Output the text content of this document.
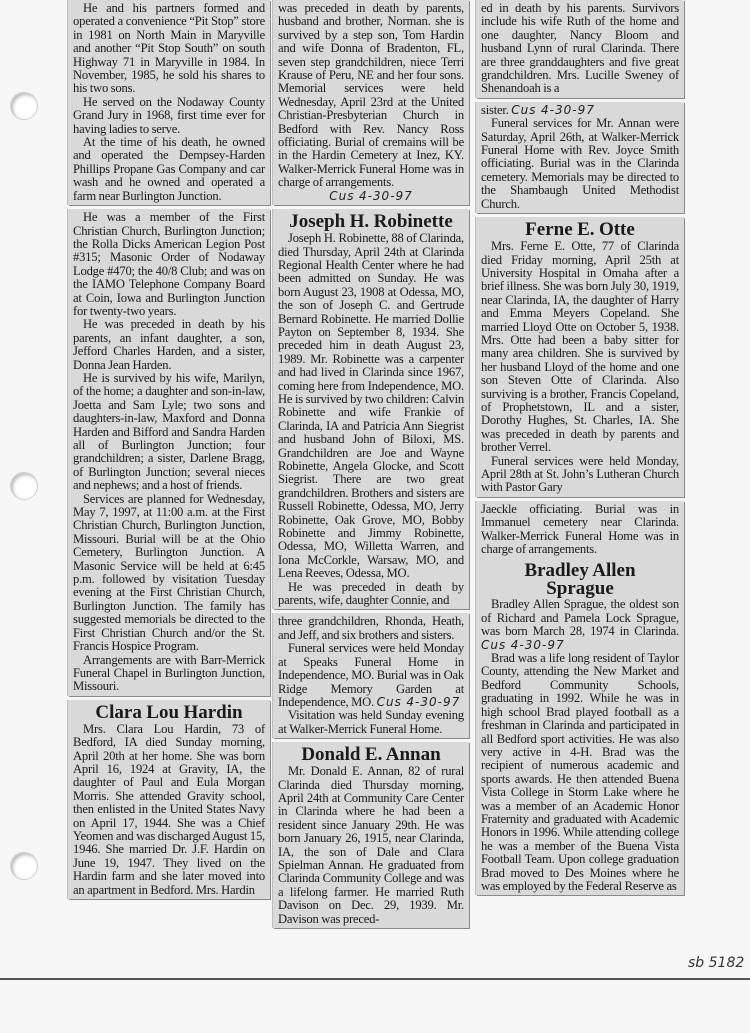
He and his partners formed and operated a convenience “Pit Stop” store in 1981 on North Main in Maryville and another “Pit Stop South” on south Highway 71 in Maryville in 1984. In November, 1985, he sold his shares to his two sons.

He served on the Nodaway County Grand Jury in 1968, first time ever for having ladies to serve.

At the time of his death, he owned and operated the Dempsey-Harden Phillips Propane Gas Company and car wash and he owned and operated a farm near Burlington Junction.

He was a member of the First Christian Church, Burlington Junction; the Rolla Dicks American Legion Post #315; Masonic Order of Nodaway Lodge #470; the 40/8 Club; and was on the IAMO Telephone Company Board at Coin, Iowa and Burlington Junction for twenty-two years.

He was preceded in death by his parents, an infant daughter, a son, Jefford Charles Harden, and a sister, Donna Jean Harden.

He is survived by his wife, Marilyn, of the home; a daughter and son-in-law, Joetta and Sam Lyle; two sons and daughters-in-law, Maxford and Donna Harden and Bifford and Sandra Harden all of Burlington Junction; four grandchildren; a sister, Darlene Bragg, of Burlington Junction; several nieces and nephews; and a host of friends.

Services are planned for Wednesday, May 7, 1997, at 11:00 a.m. at the First Christian Church, Burlington Junction, Missouri. Burial will be at the Ohio Cemetery, Burlington Junction. A Masonic Service will be held at 6:45 p.m. followed by visitation Tuesday evening at the First Christian Church, Burlington Junction. The family has suggested memorials be directed to the First Christian Church and/or the St. Francis Hospice Program.

Arrangements are with Barr-Merrick Funeral Chapel in Burlington Junction, Missouri.

Clara Lou Hardin

Mrs. Clara Lou Hardin, 73 of Bedford, IA died Sunday morning, April 20th at her home. She was born April 16, 1924 at Gravity, IA, the daughter of Paul and Eula Morgan Morris. She attended Gravity school, then enlisted in the United States Navy on April 17, 1944. She was a Chief Yeomen and was discharged August 15, 1946. She married Dr. J.F. Hardin on June 19, 1947. They lived on the Hardin farm and she later moved into an apartment in Bedford. Mrs. Hardin

was preceded in death by parents, husband and brother, Norman. she is survived by a step son, Tom Hardin and wife Donna of Bradenton, FL, seven step grandchildren, niece Terri Krause of Peru, NE and her four sons. Memorial services were held Wednesday, April 23rd at the United Christian-Presbyterian Church in Bedford with Rev. Nancy Ross officiating. Burial of cremains will be in the Hardin Cemetery at Inez, KY. Walker-Merrick Funeral Home was in charge of arrangements.

Cus 4-30-97
Joseph H. Robinette

Joseph H. Robinette, 88 of Clarinda, died Thursday, April 24th at Clarinda Regional Health Center where he had been admitted on Sunday. He was born August 23, 1908 at Odessa, MO, the son of Joseph C. and Gertrude Bernard Robinette. He married Dollie Payton on September 8, 1934. She preceded him in death August 23, 1989. Mr. Robinette was a carpenter and had lived in Clarinda since 1967, coming here from Independence, MO. He is survived by two children: Calvin Robinette and wife Frankie of Clarinda, IA and Patricia Ann Siegrist and husband John of Biloxi, MS. Grandchildren are Joe and Wayne Robinette, Angela Glocke, and Scott Siegrist. There are two great grandchildren. Brothers and sisters are Russell Robinette, Odessa, MO, Jerry Robinette, Oak Grove, MO, Bobby Robinette and Jimmy Robinette, Odessa, MO, Willetta Warren, and Iona McCorkle, Warsaw, MO, and Lena Reeves, Odessa, MO.

He was preceded in death by parents, wife, daughter Connie, and

three grandchildren, Rhonda, Heath, and Jeff, and six brothers and sisters.

Funeral services were held Monday at Speaks Funeral Home in Independence, MO. Burial was in Oak Ridge Memory Garden at Independence, MO. Cus 4-30-97

Visitation was held Sunday evening at Walker-Merrick Funeral Home.

Donald E. Annan

Mr. Donald E. Annan, 82 of rural Clarinda died Thursday morning, April 24th at Community Care Center in Clarinda where he had been a resident since January 29th. He was born January 26, 1915, near Clarinda, IA, the son of Dale and Clara Spielman Annan. He graduated from Clarinda Community College and was a lifelong farmer. He married Ruth Davison on Dec. 29, 1939. Mr. Davison was preced-

ed in death by his parents. Survivors include his wife Ruth of the home and one daughter, Nancy Bloom and husband Lynn of rural Clarinda. There are three granddaughters and five great grandchildren. Mrs. Lucille Sweney of Shenandoah is a

sister. Cus 4-30-97

Funeral services for Mr. Annan were Saturday, April 26th, at Walker-Merrick Funeral Home with Rev. Joyce Smith officiating. Burial was in the Clarinda cemetery. Memorials may be directed to the Shambaugh United Methodist Church.

Ferne E. Otte

Mrs. Ferne E. Otte, 77 of Clarinda died Friday morning, April 25th at University Hospital in Omaha after a brief illness. She was born July 30, 1919, near Clarinda, IA, the daughter of Harry and Emma Meyers Copeland. She married Lloyd Otte on October 5, 1938. Mrs. Otte had been a baby sitter for many area children. She is survived by her husband Lloyd of the home and one son Steven Otte of Clarinda. Also surviving is a brother, Francis Copeland, of Prophetstown, IL and a sister, Dorothy Hughes, St. Charles, IA. She was preceded in death by parents and brother Verrel.

Funeral services were held Monday, April 28th at St. John’s Lutheran Church with Pastor Gary

Jaeckle officiating. Burial was in Immanuel cemetery near Clarinda. Walker-Merrick Funeral Home was in charge of arrangements.

Bradley Allen
Sprague

Bradley Allen Sprague, the oldest son of Richard and Pamela Lock Sprague, was born March 28, 1974 in Clarinda. Cus 4-30-97

Brad was a life long resident of Taylor County, attending the New Market and Bedford Community Schools, graduating in 1992. While he was in high school Brad played football as a freshman in Clarinda and participated in all Bedford sport activities. He was also very active in 4-H. Brad was the recipient of numerous academic and sports awards. He then attended Buena Vista College in Storm Lake where he was a member of an Academic Honor Fraternity and graduated with Academic Honors in 1996. While attending college he was a member of the Buena Vista Football Team. Upon college graduation Brad moved to Des Moines where he was employed by the Federal Reserve as

sb 5182
